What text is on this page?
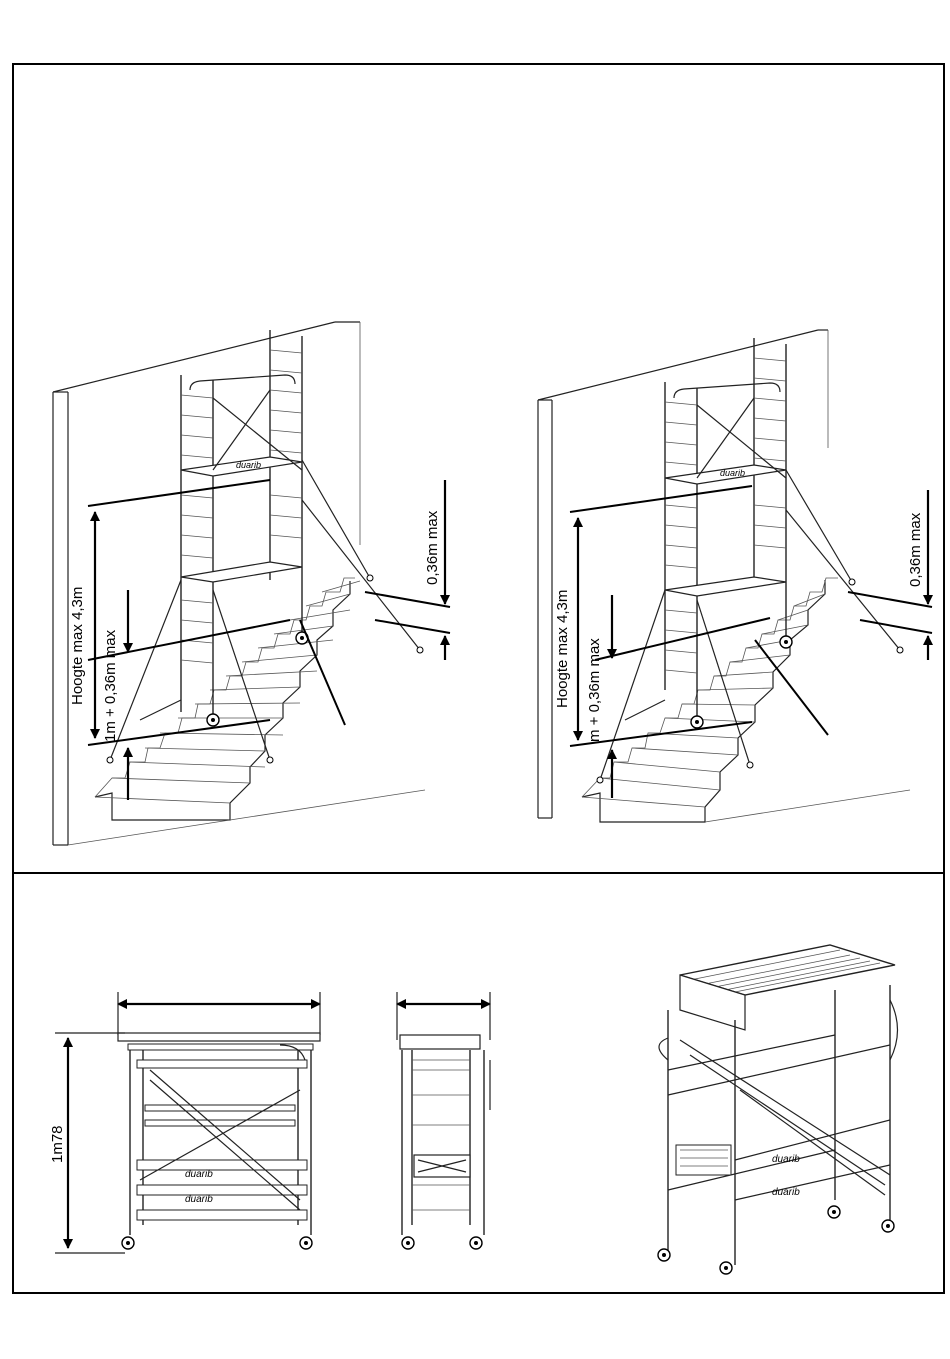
duarib
Hoogte max 4,3m 1m + 0,36m max
0,36m max
duarib
Hoogte max 4,3m m + 0,36m max
0,36m max
duarib
duarib
1m78	duarib
duarib
